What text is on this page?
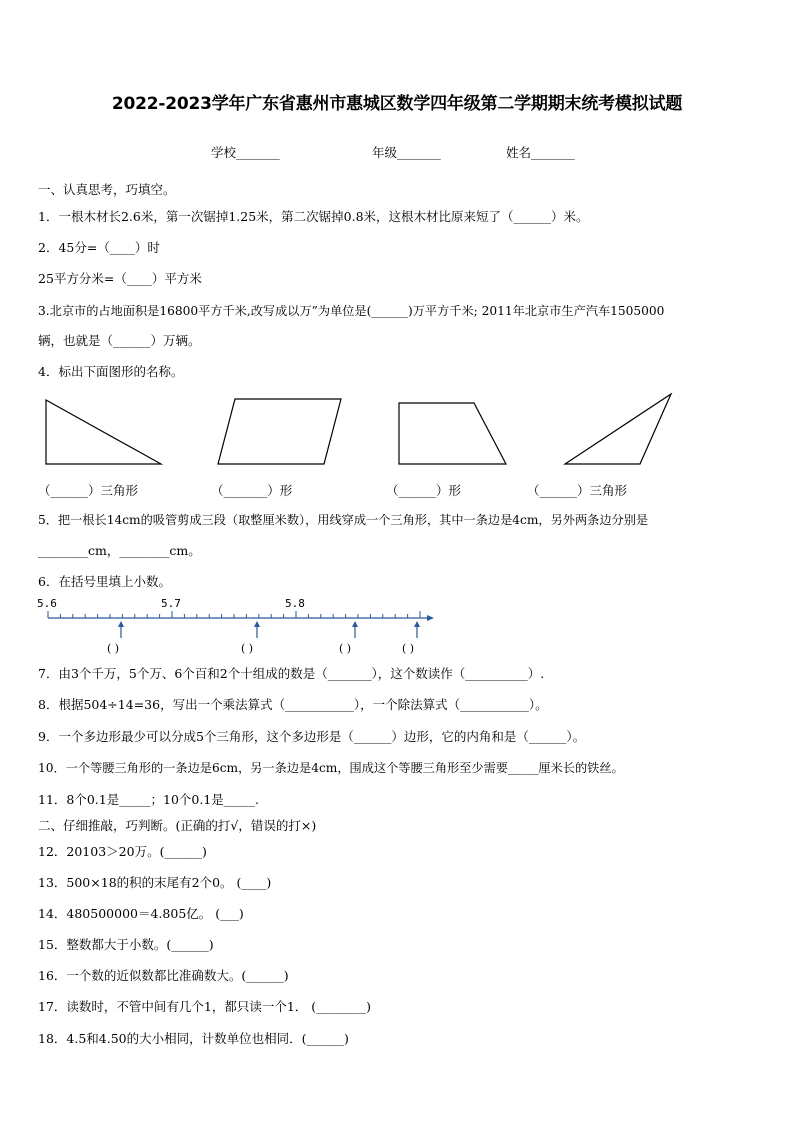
2022-2023学年广东省惠州市惠城区数学四年级第二学期期末统考模拟试题
学校_______	年级_______	姓名_______
一、认真思考，巧填空。
1．一根木材长2.6米，第一次锯掉1.25米，第二次锯掉0.8米，这根木材比原来短了（______）米。
2．45分=（____）时
25平方分米=（____）平方米
3.北京市的占地面积是16800平方千米,改写成以万”为单位是(______)万平方千米; 2011年北京市生产汽车1505000
辆，也就是（______）万辆。
4．标出下面图形的名称。
（______）三角形	（_______）形	（______）形	（______）三角形
5．把一根长14cm的吸管剪成三段（取整厘米数），用线穿成一个三角形，其中一条边是4cm，另外两条边分别是
________cm，________cm。
6．在括号里填上小数。
5.6	5.7	5.8
( )	( )	( )	( )
7．由3个千万，5个万、6个百和2个十组成的数是（_______），这个数读作（__________）.
8．根据504÷14=36，写出一个乘法算式（___________），一个除法算式（___________）。
9．一个多边形最少可以分成5个三角形，这个多边形是（______）边形，它的内角和是（______）。
10．一个等腰三角形的一条边是6cm，另一条边是4cm，围成这个等腰三角形至少需要_____厘米长的铁丝。
11．8个0.1是_____；10个0.1是_____.
二、仔细推敲，巧判断。(正确的打√，错误的打×)
12．20103＞20万。(______)
13．500×18的积的末尾有2个0。 (____)
14．480500000＝4.805亿。 (___)
15．整数都大于小数。(______)
16．一个数的近似数都比准确数大。(______)
17．读数时，不管中间有几个1，都只读一个1． (________)
18．4.5和4.50的大小相同，计数单位也相同．(______)
